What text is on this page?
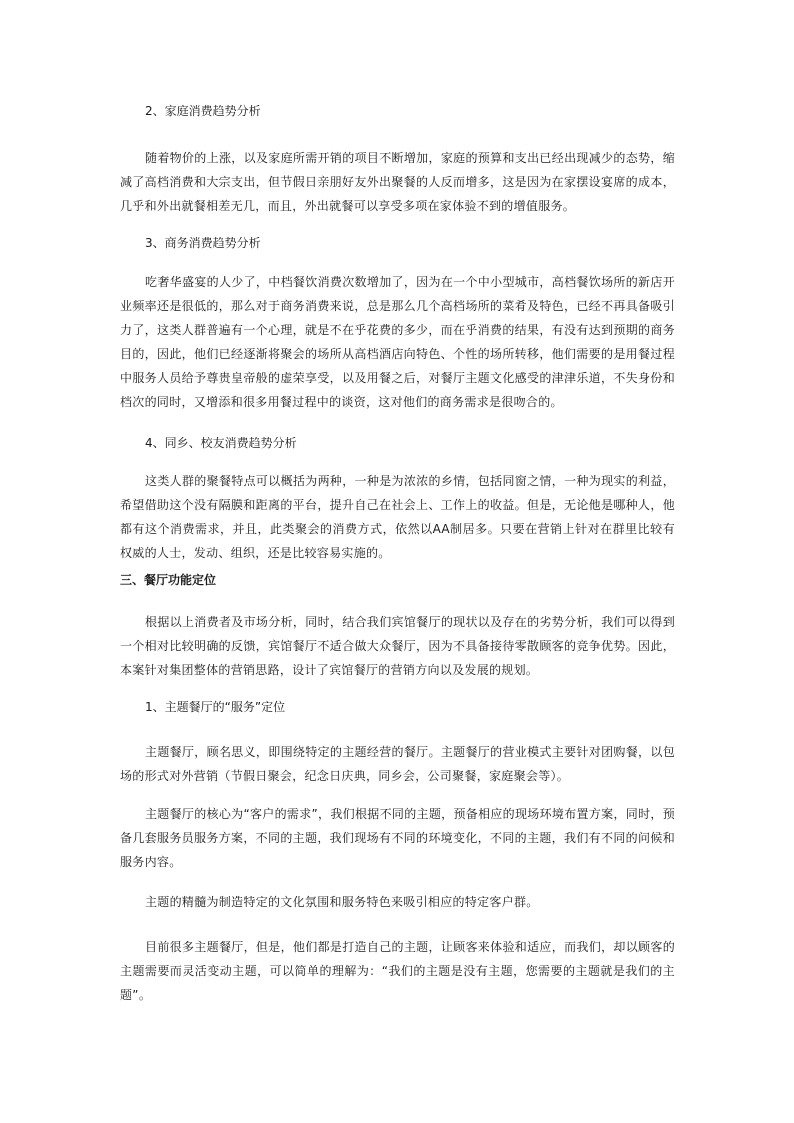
2、家庭消费趋势分析

随着物价的上涨，以及家庭所需开销的项目不断增加，家庭的预算和支出已经出现减少的态势，缩减了高档消费和大宗支出，但节假日亲朋好友外出聚餐的人反而增多，这是因为在家摆设宴席的成本，几乎和外出就餐相差无几，而且，外出就餐可以享受多项在家体验不到的增值服务。

3、商务消费趋势分析

吃奢华盛宴的人少了，中档餐饮消费次数增加了，因为在一个中小型城市，高档餐饮场所的新店开业频率还是很低的，那么对于商务消费来说，总是那么几个高档场所的菜肴及特色，已经不再具备吸引力了，这类人群普遍有一个心理，就是不在乎花费的多少，而在乎消费的结果，有没有达到预期的商务目的，因此，他们已经逐渐将聚会的场所从高档酒店向特色、个性的场所转移，他们需要的是用餐过程中服务人员给予尊贵皇帝般的虚荣享受，以及用餐之后，对餐厅主题文化感受的津津乐道，不失身份和档次的同时，又增添和很多用餐过程中的谈资，这对他们的商务需求是很吻合的。

4、同乡、校友消费趋势分析

这类人群的聚餐特点可以概括为两种，一种是为浓浓的乡情，包括同窗之情，一种为现实的利益，希望借助这个没有隔膜和距离的平台，提升自己在社会上、工作上的收益。但是，无论他是哪种人，他都有这个消费需求，并且，此类聚会的消费方式，依然以AA制居多。只要在营销上针对在群里比较有权威的人士，发动、组织，还是比较容易实施的。

三、餐厅功能定位

根据以上消费者及市场分析，同时，结合我们宾馆餐厅的现状以及存在的劣势分析，我们可以得到一个相对比较明确的反馈，宾馆餐厅不适合做大众餐厅，因为不具备接待零散顾客的竞争优势。因此，本案针对集团整体的营销思路，设计了宾馆餐厅的营销方向以及发展的规划。

1、主题餐厅的“服务”定位

主题餐厅，顾名思义，即围绕特定的主题经营的餐厅。主题餐厅的营业模式主要针对团购餐，以包场的形式对外营销（节假日聚会，纪念日庆典，同乡会，公司聚餐，家庭聚会等）。

主题餐厅的核心为“客户的需求”，我们根据不同的主题，预备相应的现场环境布置方案，同时，预备几套服务员服务方案，不同的主题，我们现场有不同的环境变化，不同的主题，我们有不同的问候和服务内容。

主题的精髓为制造特定的文化氛围和服务特色来吸引相应的特定客户群。

目前很多主题餐厅，但是，他们都是打造自己的主题，让顾客来体验和适应，而我们，却以顾客的主题需要而灵活变动主题，可以简单的理解为：“我们的主题是没有主题，您需要的主题就是我们的主题”。
